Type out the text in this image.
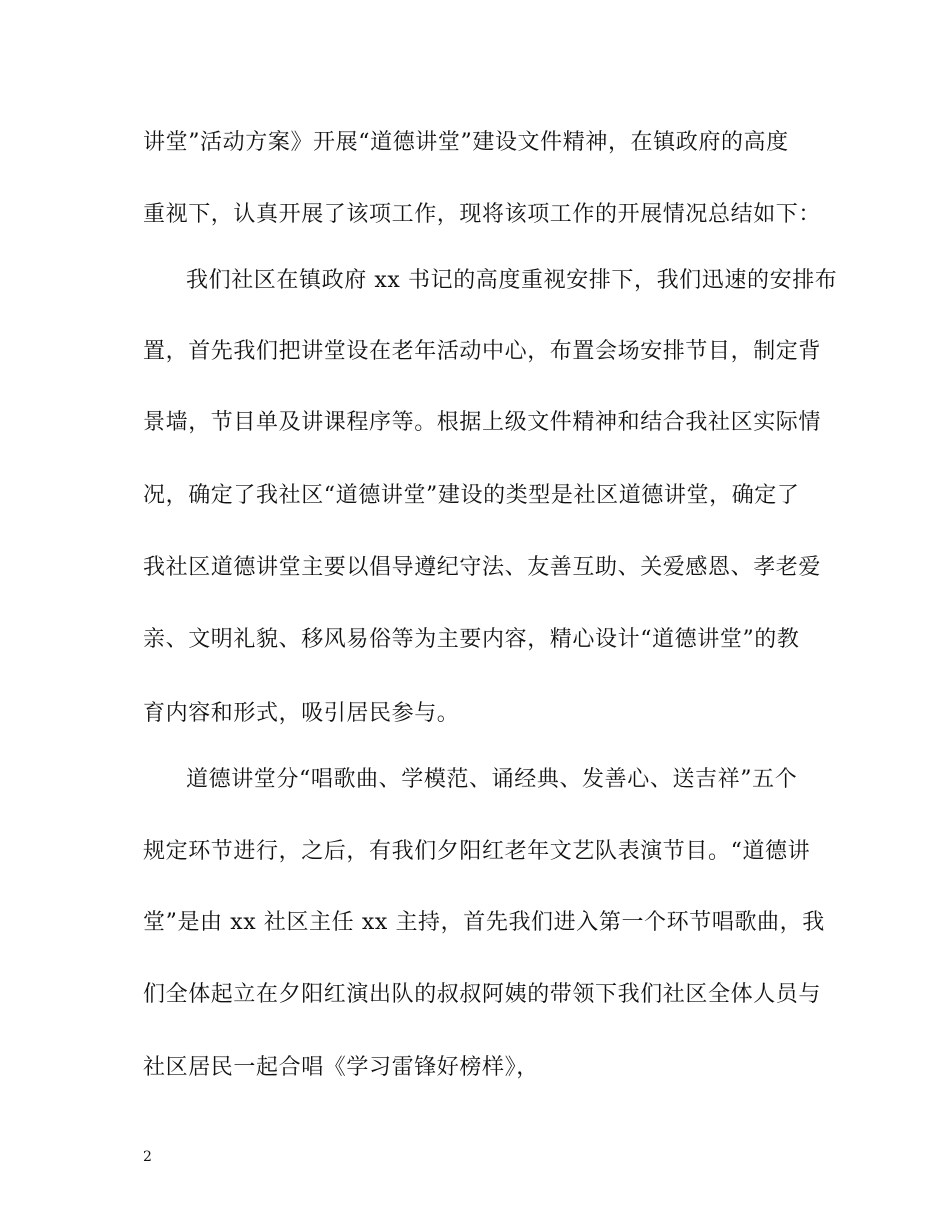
讲堂”活动方案》开展“道德讲堂”建设文件精神，在镇政府的高度
重视下，认真开展了该项工作，现将该项工作的开展情况总结如下：
我们社区在镇政府 xx 书记的高度重视安排下，我们迅速的安排布
置，首先我们把讲堂设在老年活动中心，布置会场安排节目，制定背
景墙，节目单及讲课程序等。根据上级文件精神和结合我社区实际情
况，确定了我社区“道德讲堂”建设的类型是社区道德讲堂，确定了
我社区道德讲堂主要以倡导遵纪守法、友善互助、关爱感恩、孝老爱
亲、文明礼貌、移风易俗等为主要内容，精心设计“道德讲堂”的教
育内容和形式，吸引居民参与。
道德讲堂分“唱歌曲、学模范、诵经典、发善心、送吉祥”五个
规定环节进行，之后，有我们夕阳红老年文艺队表演节目。“道德讲
堂”是由 xx 社区主任 xx 主持，首先我们进入第一个环节唱歌曲，我
们全体起立在夕阳红演出队的叔叔阿姨的带领下我们社区全体人员与
社区居民一起合唱《学习雷锋好榜样》，
2
